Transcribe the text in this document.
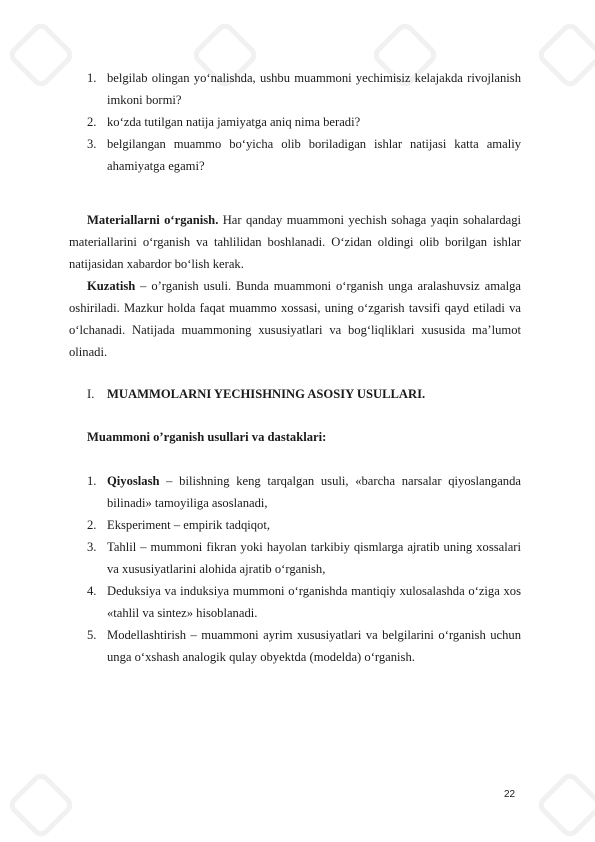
1. belgilab olingan yo‘nalishda, ushbu muammoni yechimisiz kelajakda rivojlanish imkoni bormi?
2. ko‘zda tutilgan natija jamiyatga aniq nima beradi?
3. belgilangan muammo bo‘yicha olib boriladigan ishlar natijasi katta amaliy ahamiyatga egami?

Materiallarni o‘rganish. Har qanday muammoni yechish sohaga yaqin sohalardagi materiallarini o‘rganish va tahlilidan boshlanadi. O‘zidan oldingi olib borilgan ishlar natijasidan xabardor bo‘lish kerak.

Kuzatish – o’rganish usuli. Bunda muammoni o‘rganish unga aralashuvsiz amalga oshiriladi. Mazkur holda faqat muammo xossasi, uning o‘zgarish tavsifi qayd etiladi va o‘lchanadi. Natijada muammoning xususiyatlari va bog‘liqliklari xususida ma’lumot olinadi.

I. MUAMMOLARNI YECHISHNING ASOSIY USULLARI.

Muammoni o’rganish usullari va dastaklari:

1. Qiyoslash – bilishning keng tarqalgan usuli, «barcha narsalar qiyoslanganda bilinadi» tamoyiliga asoslanadi,
2. Eksperiment – empirik tadqiqot,
3. Tahlil – mummoni fikran yoki hayolan tarkibiy qismlarga ajratib uning xossalari va xususiyatlarini alohida ajratib o‘rganish,
4. Deduksiya va induksiya mummoni o‘rganishda mantiqiy xulosalashda o‘ziga xos «tahlil va sintez» hisoblanadi.
5. Modellashtirish – muammoni ayrim xususiyatlari va belgilarini o‘rganish uchun unga o‘xshash analogik qulay obyektda (modelda) o‘rganish.
22
